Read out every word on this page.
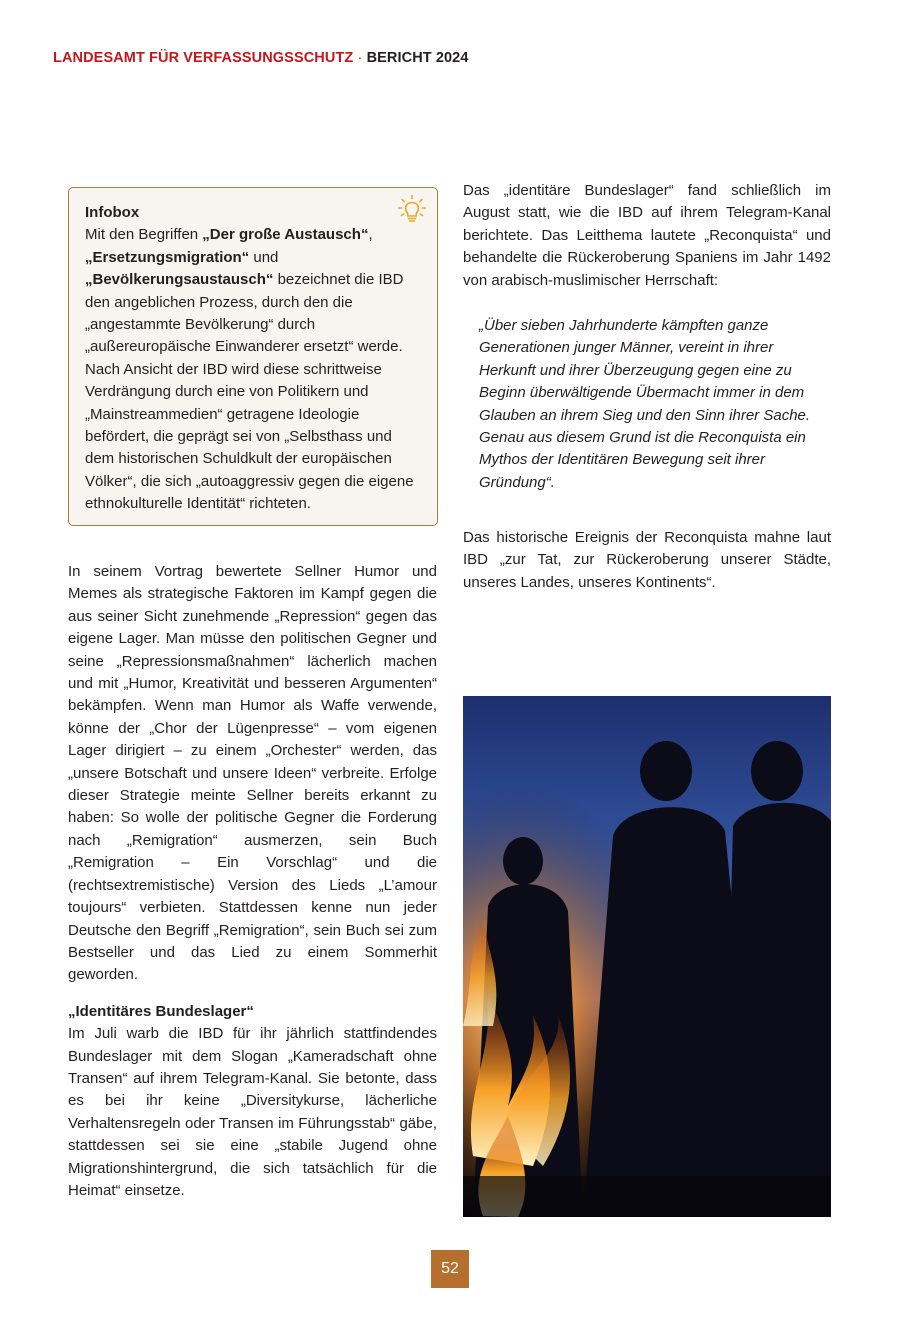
LANDESAMT FÜR VERFASSUNGSSCHUTZ · BERICHT 2024

Infobox

Mit den Begriffen „Der große Austausch“, „Ersetzungsmigration“ und „Bevölkerungsaustausch“ bezeichnet die IBD den angeblichen Prozess, durch den die „angestammte Bevölkerung“ durch „außereuropäische Einwanderer ersetzt“ werde. Nach Ansicht der IBD wird diese schrittweise Verdrängung durch eine von Politikern und „Mainstreammedien“ getragene Ideologie befördert, die geprägt sei von „Selbsthass und dem historischen Schuldkult der europäischen Völker“, die sich „autoaggressiv gegen die eigene ethnokulturelle Identität“ richteten.

In seinem Vortrag bewertete Sellner Humor und Memes als strategische Faktoren im Kampf gegen die aus seiner Sicht zunehmende „Repression“ gegen das eigene Lager. Man müsse den politischen Gegner und seine „Repressionsmaßnahmen“ lächerlich machen und mit „Humor, Kreativität und besseren Argumenten“ bekämpfen. Wenn man Humor als Waffe verwende, könne der „Chor der Lügenpresse“ – vom eigenen Lager dirigiert – zu einem „Orchester“ werden, das „unsere Botschaft und unsere Ideen“ verbreite. Erfolge dieser Strategie meinte Sellner bereits erkannt zu haben: So wolle der politische Gegner die Forderung nach „Remigration“ ausmerzen, sein Buch „Remigration – Ein Vorschlag“ und die (rechtsextremistische) Version des Lieds „L’amour toujours“ verbieten. Stattdessen kenne nun jeder Deutsche den Begriff „Remigration“, sein Buch sei zum Bestseller und das Lied zu einem Sommerhit geworden.

„Identitäres Bundeslager“

Im Juli warb die IBD für ihr jährlich stattfindendes Bundeslager mit dem Slogan „Kameradschaft ohne Transen“ auf ihrem Telegram-Kanal. Sie betonte, dass es bei ihr keine „Diversitykurse, lächerliche Verhaltensregeln oder Transen im Führungsstab“ gäbe, stattdessen sei sie eine „stabile Jugend ohne Migrationshintergrund, die sich tatsächlich für die Heimat“ einsetze.

Das „identitäre Bundeslager“ fand schließlich im August statt, wie die IBD auf ihrem Telegram-Kanal berichtete. Das Leitthema lautete „Reconquista“ und behandelte die Rückeroberung Spaniens im Jahr 1492 von arabisch-muslimischer Herrschaft:

„Über sieben Jahrhunderte kämpften ganze Generationen junger Männer, vereint in ihrer Herkunft und ihrer Überzeugung gegen eine zu Beginn überwältigende Übermacht immer in dem Glauben an ihrem Sieg und den Sinn ihrer Sache. Genau aus diesem Grund ist die Reconquista ein Mythos der Identitären Bewegung seit ihrer Gründung“.

Das historische Ereignis der Reconquista mahne laut IBD „zur Tat, zur Rückeroberung unserer Städte, unseres Landes, unseres Kontinents“.

52
